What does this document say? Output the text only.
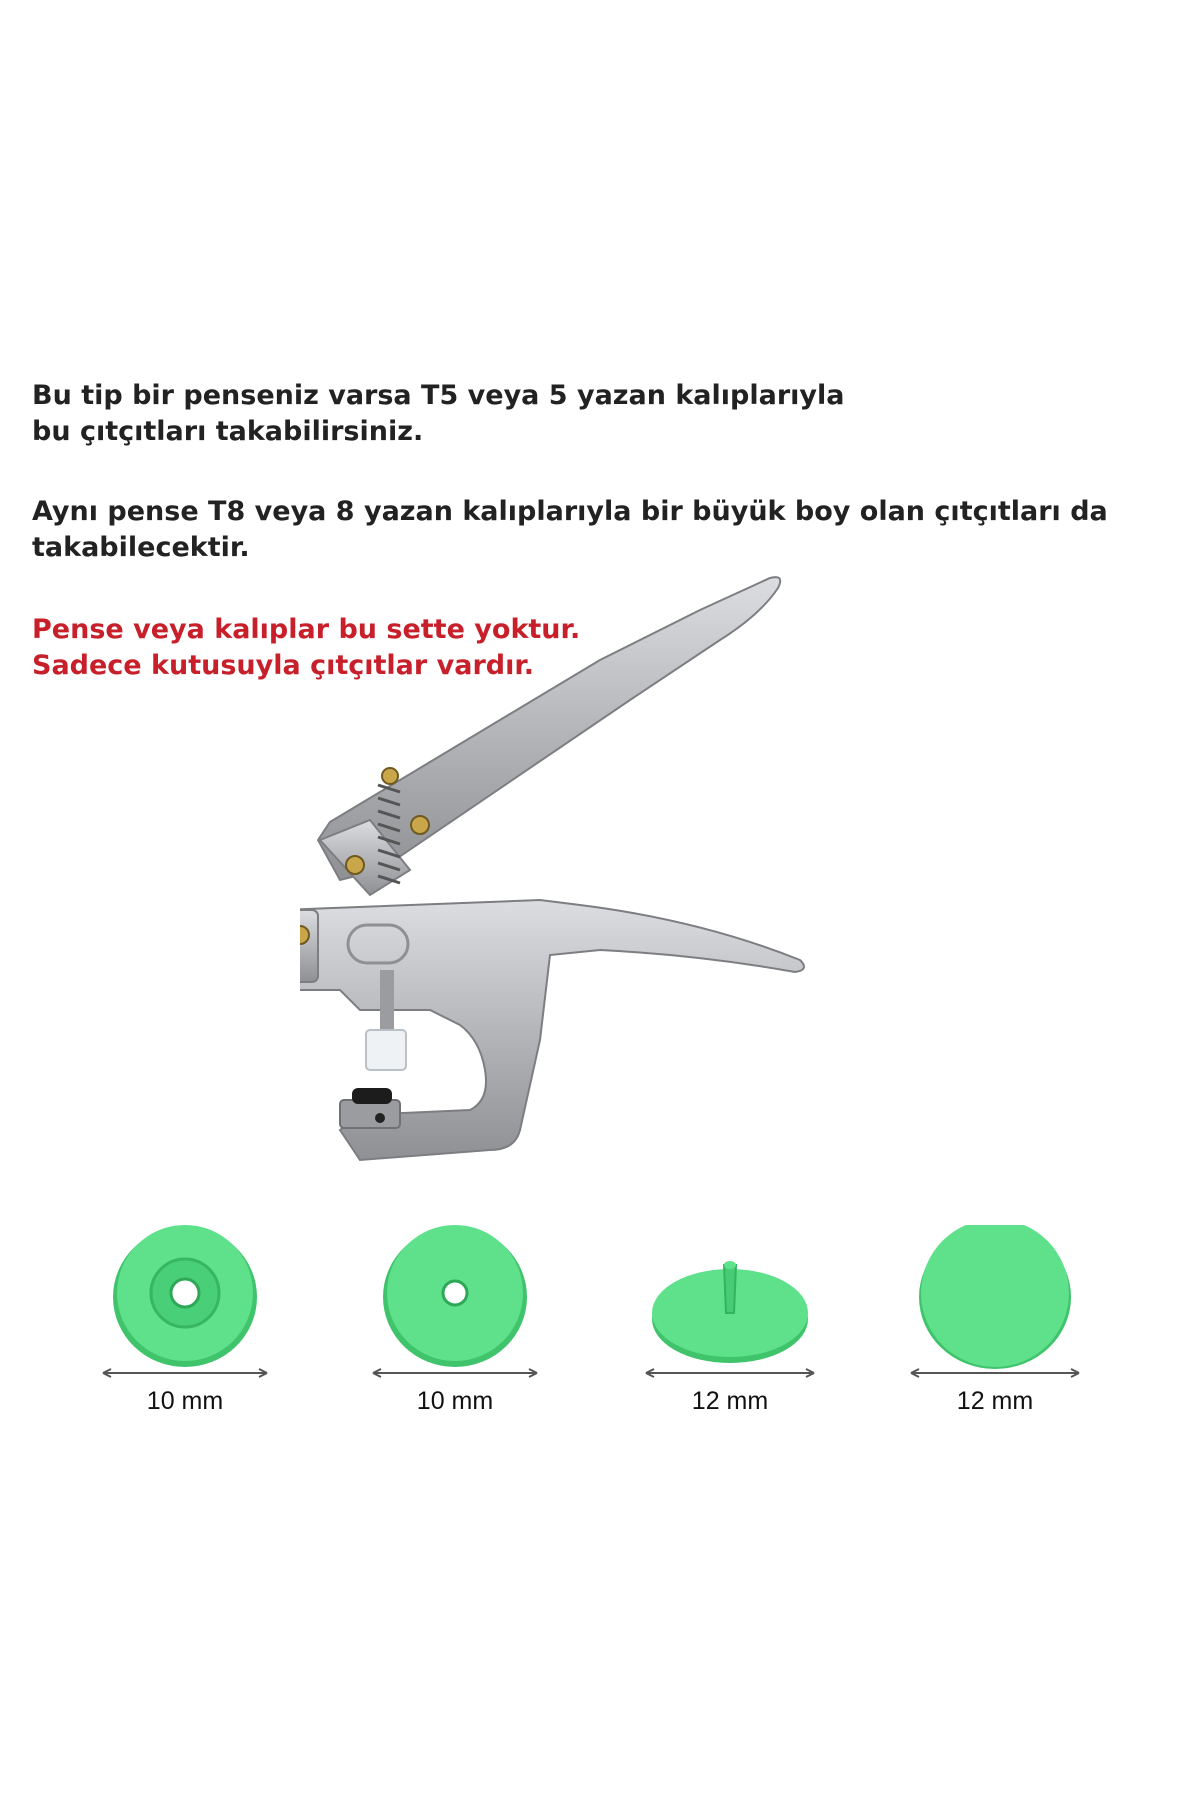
Bu tip bir penseniz varsa T5 veya 5 yazan kalıplarıyla

bu çıtçıtları takabilirsiniz.

Aynı pense T8 veya 8 yazan kalıplarıyla bir büyük boy olan çıtçıtları da

takabilecektir.

Pense veya kalıplar bu sette yoktur.

Sadece kutusuyla çıtçıtlar vardır.

10 mm	10 mm	12 mm	12 mm
